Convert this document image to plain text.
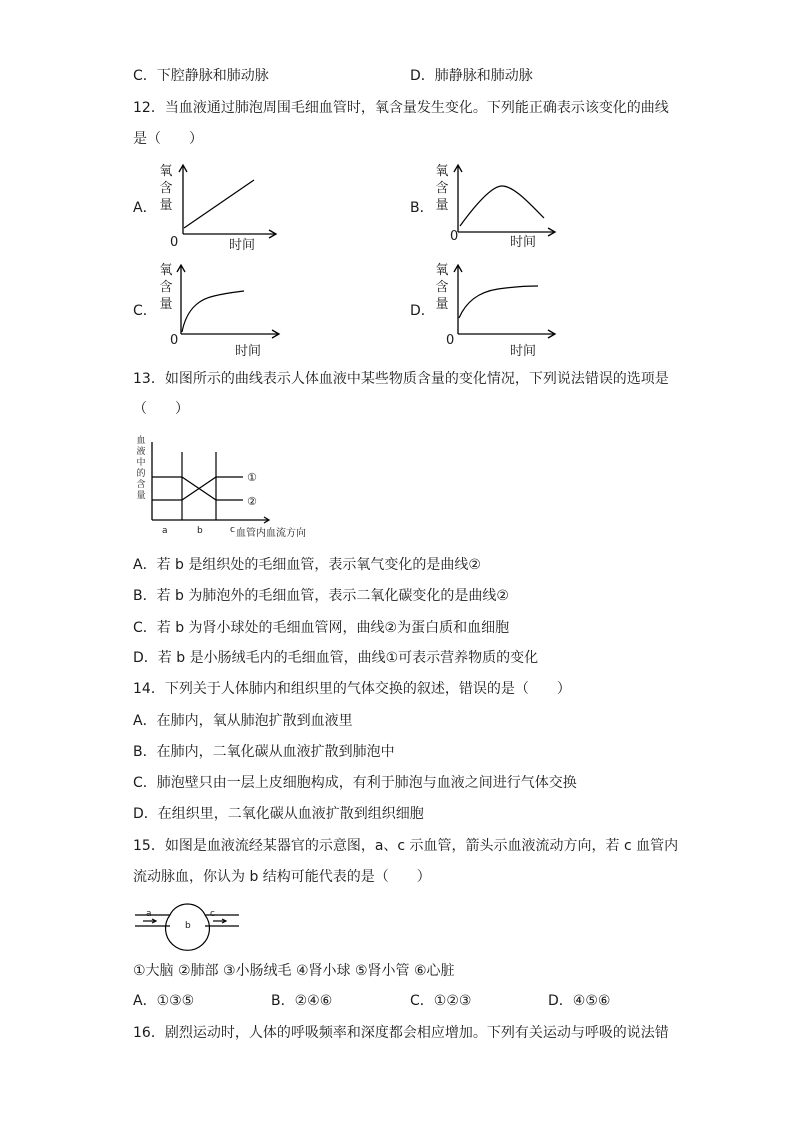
C．下腔静脉和肺动脉	D．肺静脉和肺动脉
12．当血液通过肺泡周围毛细血管时，氧含量发生变化。下列能正确表示该变化的曲线
是（　　）
A．
氧
含
量
0	时间
B．
氧
含
量
0	时间
C．
氧
含
量
0
时间
D．
氧
含
量
0
时间
13．如图所示的曲线表示人体血液中某些物质含量的变化情况，下列说法错误的选项是
（　　）
血
液
中
的
含
量
a	b	c
①
②
血管内血流方向
A．若 b 是组织处的毛细血管，表示氧气变化的是曲线②
B．若 b 为肺泡外的毛细血管，表示二氧化碳变化的是曲线②
C．若 b 为肾小球处的毛细血管网，曲线②为蛋白质和血细胞
D．若 b 是小肠绒毛内的毛细血管，曲线①可表示营养物质的变化
14．下列关于人体肺内和组织里的气体交换的叙述，错误的是（　　）
A．在肺内，氧从肺泡扩散到血液里
B．在肺内，二氧化碳从血液扩散到肺泡中
C．肺泡壁只由一层上皮细胞构成，有利于肺泡与血液之间进行气体交换
D．在组织里，二氧化碳从血液扩散到组织细胞
15．如图是血液流经某器官的示意图，a、c 示血管，箭头示血液流动方向，若 c 血管内
流动脉血，你认为 b 结构可能代表的是（　　）
a
b
c
①大脑 ②肺部 ③小肠绒毛 ④肾小球 ⑤肾小管 ⑥心脏
A．①③⑤	B．②④⑥	C．①②③	D．④⑤⑥
16．剧烈运动时，人体的呼吸频率和深度都会相应增加。下列有关运动与呼吸的说法错
